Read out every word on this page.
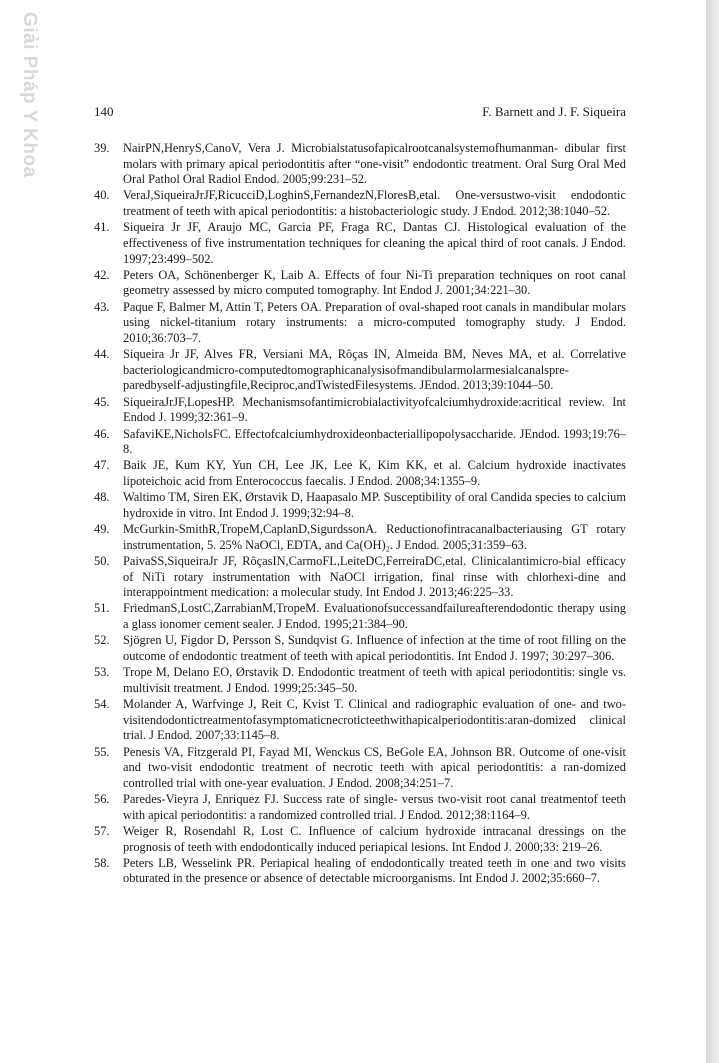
Giải Pháp Y Khoa	140	F. Barnett and J. F. Siqueira
39. NairPN,HenryS,CanoV, Vera J. Microbialstatusofapicalrootcanalsystemofhumanman- dibular first molars with primary apical periodontitis after “one-visit” endodontic treatment. Oral Surg Oral Med Oral Pathol Oral Radiol Endod. 2005;99:231–52.
40. VeraJ,SiqueiraJrJF,RicucciD,LoghinS,FernandezN,FloresB,etal. One-versustwo-visit endodontic treatment of teeth with apical periodontitis: a histobacteriologic study. J Endod. 2012;38:1040–52.
41. Siqueira Jr JF, Araujo MC, Garcia PF, Fraga RC, Dantas CJ. Histological evaluation of the effectiveness of five instrumentation techniques for cleaning the apical third of root canals. J Endod. 1997;23:499–502.
42. Peters OA, Schönenberger K, Laib A. Effects of four Ni-Ti preparation techniques on root canal geometry assessed by micro computed tomography. Int Endod J. 2001;34:221–30.
43. Paque F, Balmer M, Attin T, Peters OA. Preparation of oval-shaped root canals in mandibular molars using nickel-titanium rotary instruments: a micro-computed tomography study. J Endod. 2010;36:703–7.
44. Siqueira Jr JF, Alves FR, Versiani MA, Rôças IN, Almeida BM, Neves MA, et al. Correlative bacteriologicandmicro-computedtomographicanalysisofmandibularmolarmesialcanalspre-paredbyself-adjustingfile,Reciproc,andTwistedFilesystems. JEndod. 2013;39:1044–50.
45. SiqueiraJrJF,LopesHP. Mechanismsofantimicrobialactivityofcalciumhydroxide:acritical review. Int Endod J. 1999;32:361–9.
46. SafaviKE,NicholsFC. Effectofcalciumhydroxideonbacteriallipopolysaccharide. JEndod. 1993;19:76–8.
47. Baik JE, Kum KY, Yun CH, Lee JK, Lee K, Kim KK, et al. Calcium hydroxide inactivates lipoteichoic acid from Enterococcus faecalis. J Endod. 2008;34:1355–9.
48. Waltimo TM, Siren EK, Ørstavik D, Haapasalo MP. Susceptibility of oral Candida species to calcium hydroxide in vitro. Int Endod J. 1999;32:94–8.
49. McGurkin-SmithR,TropeM,CaplanD,SigurdssonA. Reductionofintracanalbacteriausing GT rotary instrumentation, 5. 25% NaOCl, EDTA, and Ca(OH)₂. J Endod. 2005;31:359–63.
50. PaivaSS,SiqueiraJr JF, RôçasIN,CarmoFL,LeiteDC,FerreiraDC,etal. Clinicalantimicro-bial efficacy of NiTi rotary instrumentation with NaOCl irrigation, final rinse with chlorhexi-dine and interappointment medication: a molecular study. Int Endod J. 2013;46:225–33.
51. FriedmanS,LostC,ZarrabianM,TropeM. Evaluationofsuccessandfailureafterendodontic therapy using a glass ionomer cement sealer. J Endod. 1995;21:384–90.
52. Sjögren U, Figdor D, Persson S, Sundqvist G. Influence of infection at the time of root filling on the outcome of endodontic treatment of teeth with apical periodontitis. Int Endod J. 1997; 30:297–306.
53. Trope M, Delano EO, Ørstavik D. Endodontic treatment of teeth with apical periodontitis: single vs. multivisit treatment. J Endod. 1999;25:345–50.
54. Molander A, Warfvinge J, Reit C, Kvist T. Clinical and radiographic evaluation of one- and two-visitendodontictreatmentofasymptomaticnecroticteethwithapicalperiodontitis:aran-domized clinical trial. J Endod. 2007;33:1145–8.
55. Penesis VA, Fitzgerald PI, Fayad MI, Wenckus CS, BeGole EA, Johnson BR. Outcome of one-visit and two-visit endodontic treatment of necrotic teeth with apical periodontitis: a ran-domized controlled trial with one-year evaluation. J Endod. 2008;34:251–7.
56. Paredes-Vieyra J, Enriquez FJ. Success rate of single- versus two-visit root canal treatmentof teeth with apical periodontitis: a randomized controlled trial. J Endod. 2012;38:1164–9.
57. Weiger R, Rosendahl R, Lost C. Influence of calcium hydroxide intracanal dressings on the prognosis of teeth with endodontically induced periapical lesions. Int Endod J. 2000;33: 219–26.
58. Peters LB, Wesselink PR. Periapical healing of endodontically treated teeth in one and two visits obturated in the presence or absence of detectable microorganisms. Int Endod J. 2002;35:660–7.
